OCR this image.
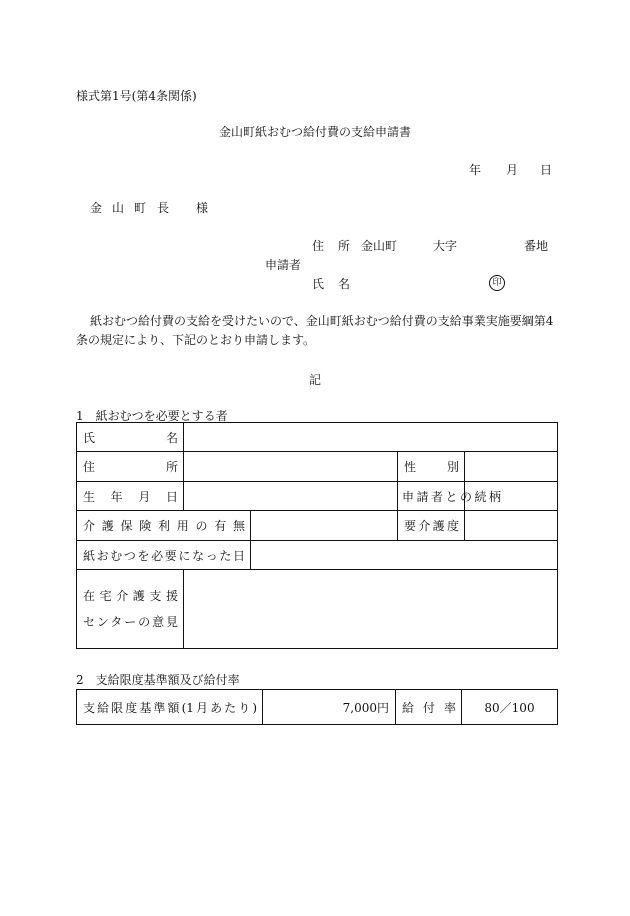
様式第1号(第4条関係)
金山町紙おむつ給付費の支給申請書
年 月 日
金 山 町 長 様
住 所 金山町	大字	番地
申請者
氏 名	印
紙おむつ給付費の支給を受けたいので、金山町紙おむつ給付費の支給事業実施要綱第4
条の規定により、下記のとおり申請します。
記
1　紙おむつを必要とする者
氏名				

住所			性別	

生年月日			申請者との続柄	

介護保険利用の有無			要介護度	

紙おむつを必要になった日				

在宅介護支援
センターの意見				

2　支給限度基準額及び給付率
支給限度基準額(1月あたり)	7,000円	給付率	80／100
